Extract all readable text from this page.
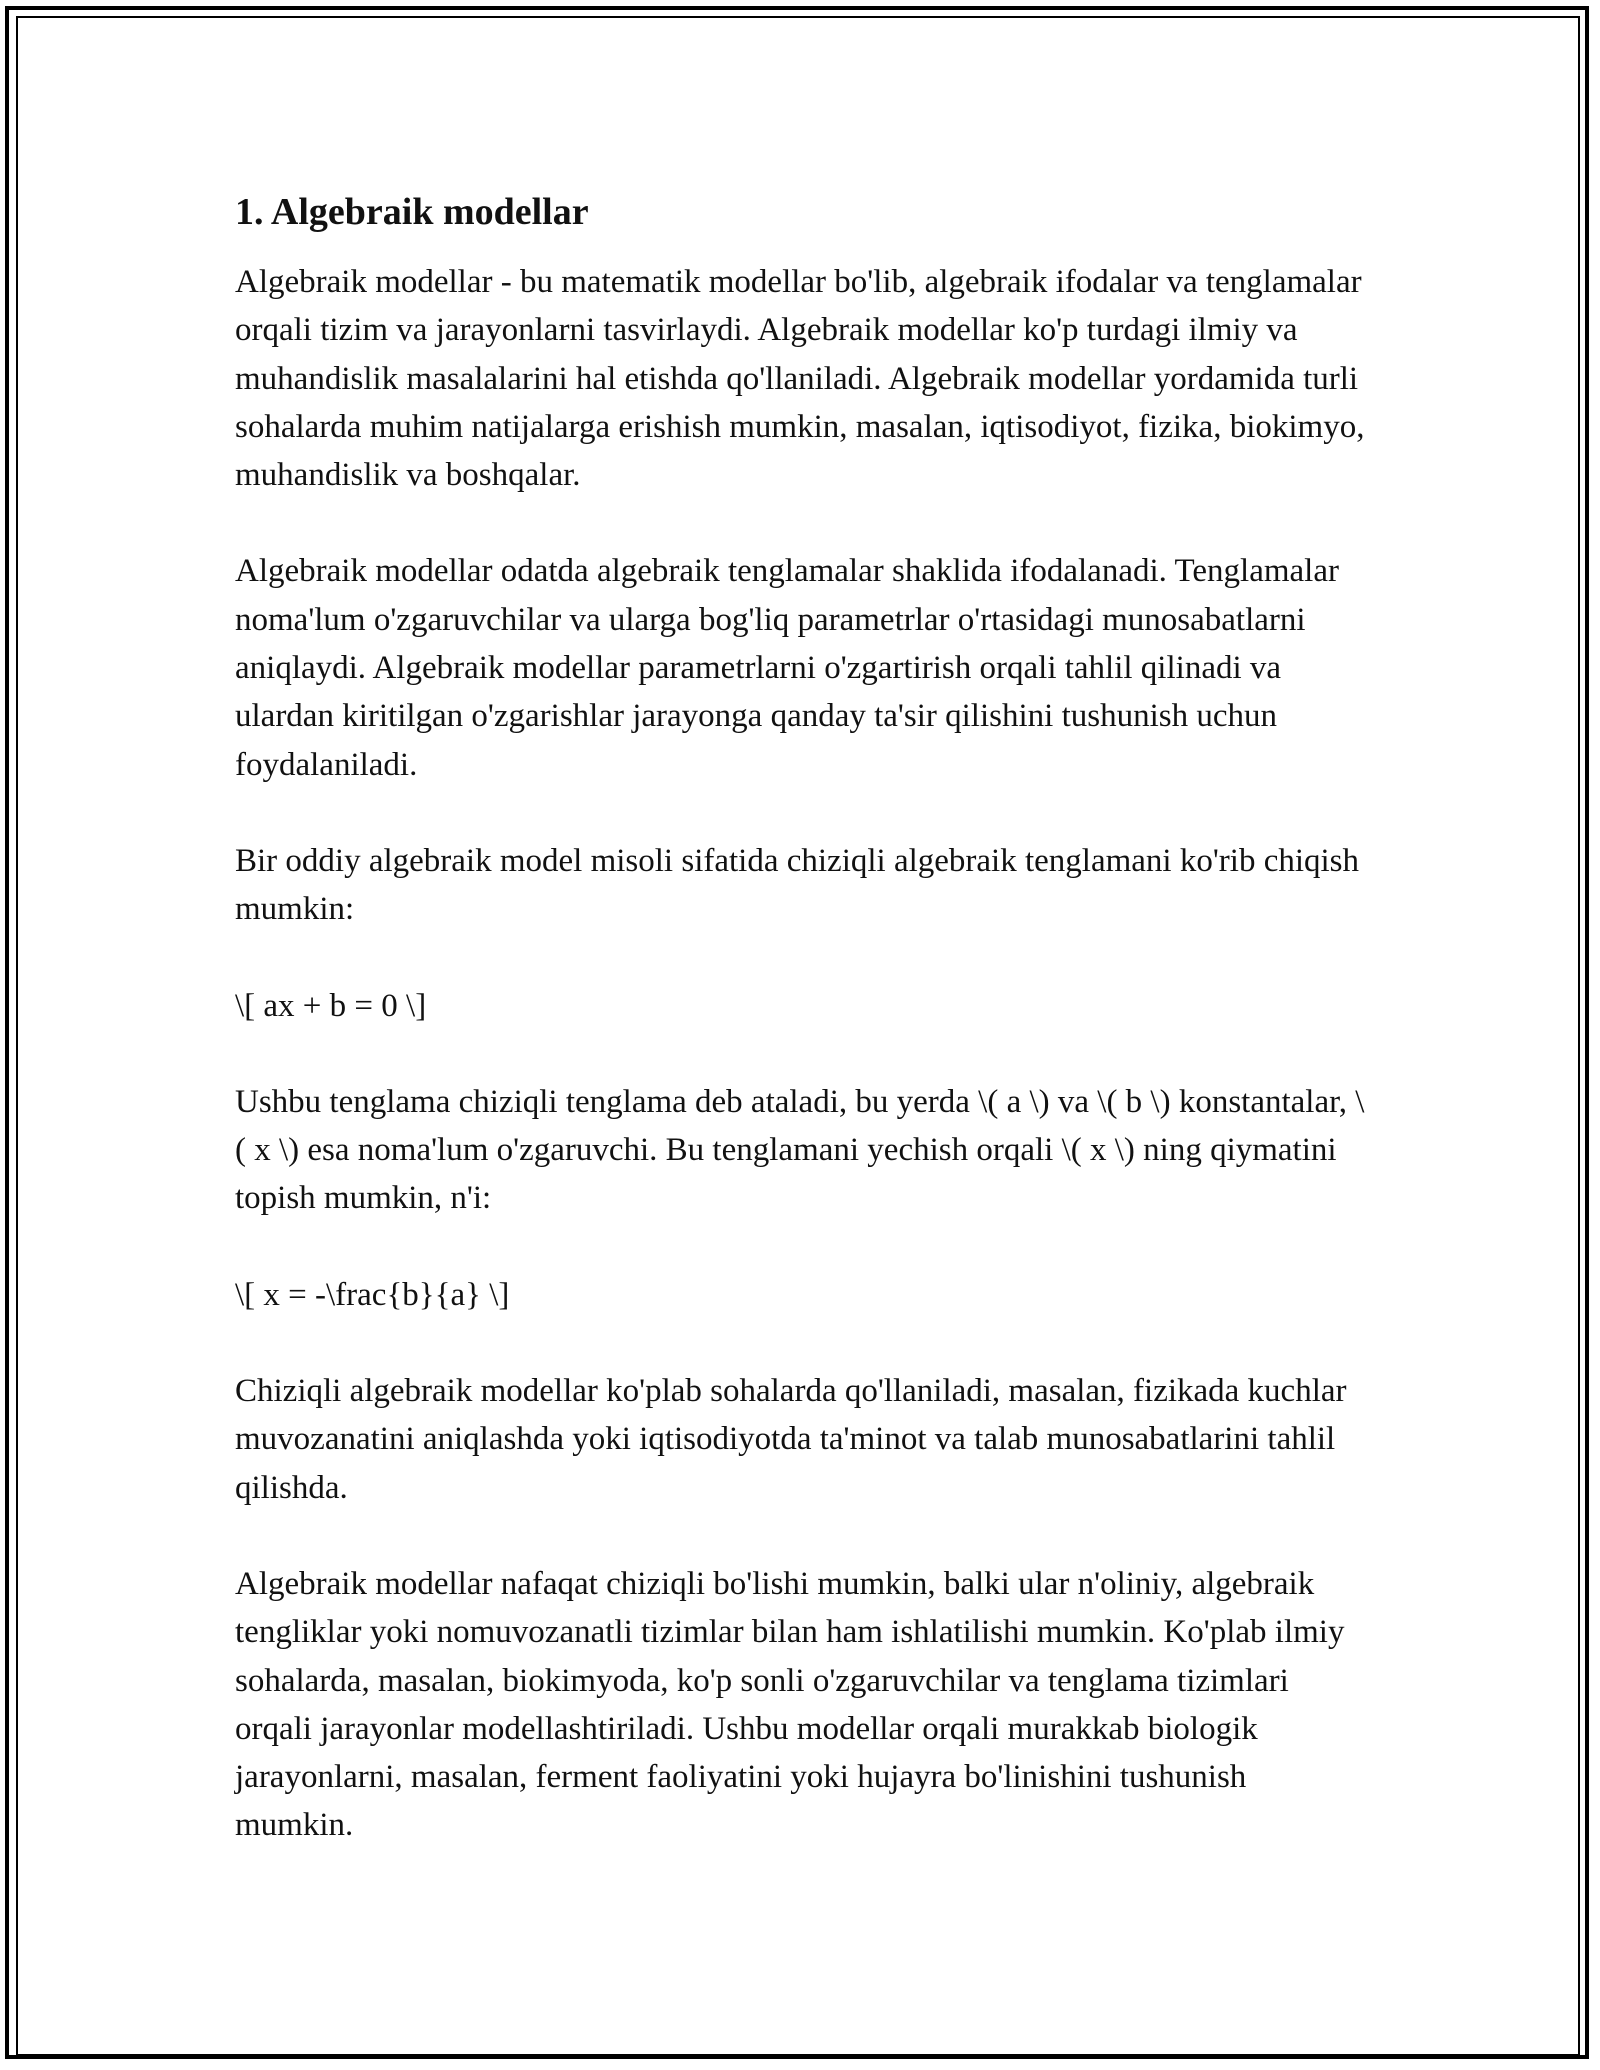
1. Algebraik modellar

Algebraik modellar - bu matematik modellar bo'lib, algebraik ifodalar va tenglamalar orqali tizim va jarayonlarni tasvirlaydi. Algebraik modellar ko'p turdagi ilmiy va muhandislik masalalarini hal etishda qo'llaniladi. Algebraik modellar yordamida turli sohalarda muhim natijalarga erishish mumkin, masalan, iqtisodiyot, fizika, biokimyo, muhandislik va boshqalar.

Algebraik modellar odatda algebraik tenglamalar shaklida ifodalanadi. Tenglamalar noma'lum o'zgaruvchilar va ularga bog'liq parametrlar o'rtasidagi munosabatlarni aniqlaydi. Algebraik modellar parametrlarni o'zgartirish orqali tahlil qilinadi va ulardan kiritilgan o'zgarishlar jarayonga qanday ta'sir qilishini tushunish uchun foydalaniladi.

Bir oddiy algebraik model misoli sifatida chiziqli algebraik tenglamani ko'rib chiqish mumkin:

\[ ax + b = 0 \]

Ushbu tenglama chiziqli tenglama deb ataladi, bu yerda \( a \) va \( b \) konstantalar, \( x \) esa noma'lum o'zgaruvchi. Bu tenglamani yechish orqali \( x \) ning qiymatini topish mumkin, n'i:

\[ x = -\frac{b}{a} \]

Chiziqli algebraik modellar ko'plab sohalarda qo'llaniladi, masalan, fizikada kuchlar muvozanatini aniqlashda yoki iqtisodiyotda ta'minot va talab munosabatlarini tahlil qilishda.

Algebraik modellar nafaqat chiziqli bo'lishi mumkin, balki ular n'oliniy, algebraik tengliklar yoki nomuvozanatli tizimlar bilan ham ishlatilishi mumkin. Ko'plab ilmiy sohalarda, masalan, biokimyoda, ko'p sonli o'zgaruvchilar va tenglama tizimlari orqali jarayonlar modellashtiriladi. Ushbu modellar orqali murakkab biologik jarayonlarni, masalan, ferment faoliyatini yoki hujayra bo'linishini tushunish mumkin.
